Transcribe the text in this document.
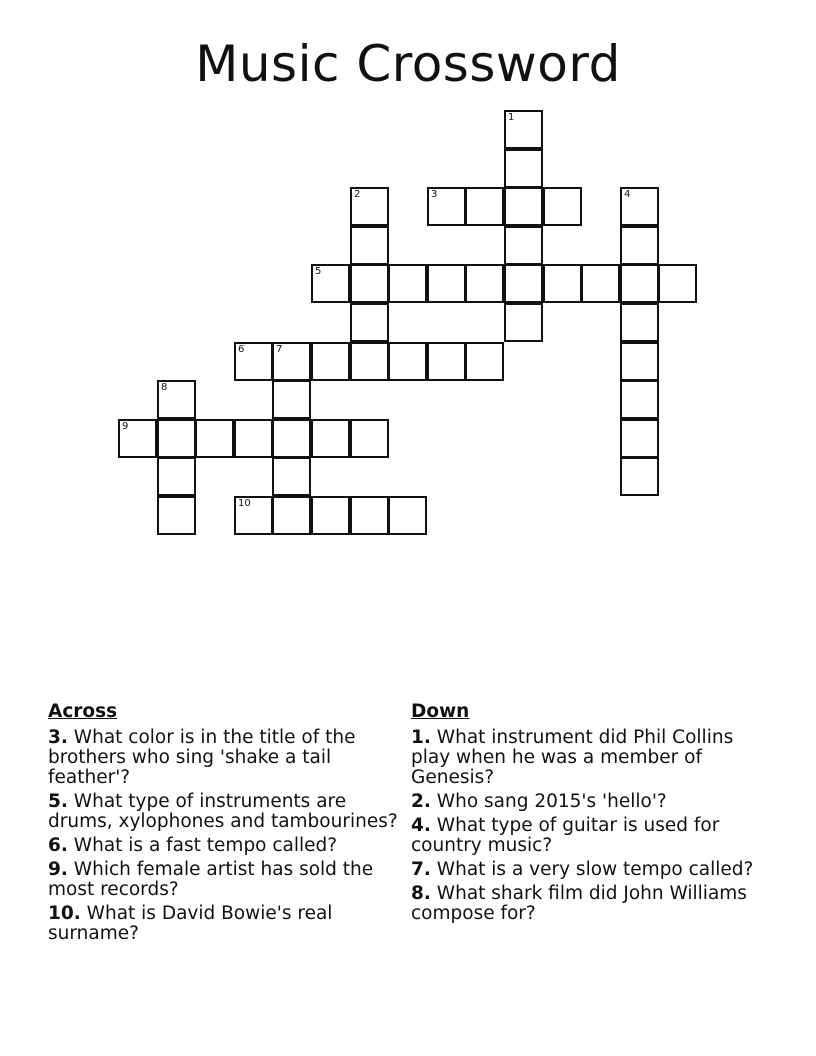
Music Crossword
1
2	3	4
5
6	7
8
9
10
Across
3. What color is in the title of the brothers who sing 'shake a tail feather'?
5. What type of instruments are drums, xylophones and tambourines?
6. What is a fast tempo called?
9. Which female artist has sold the most records?
10. What is David Bowie's real surname?
Down
1. What instrument did Phil Collins play when he was a member of Genesis?
2. Who sang 2015's 'hello'?
4. What type of guitar is used for country music?
7. What is a very slow tempo called?
8. What shark film did John Williams compose for?
